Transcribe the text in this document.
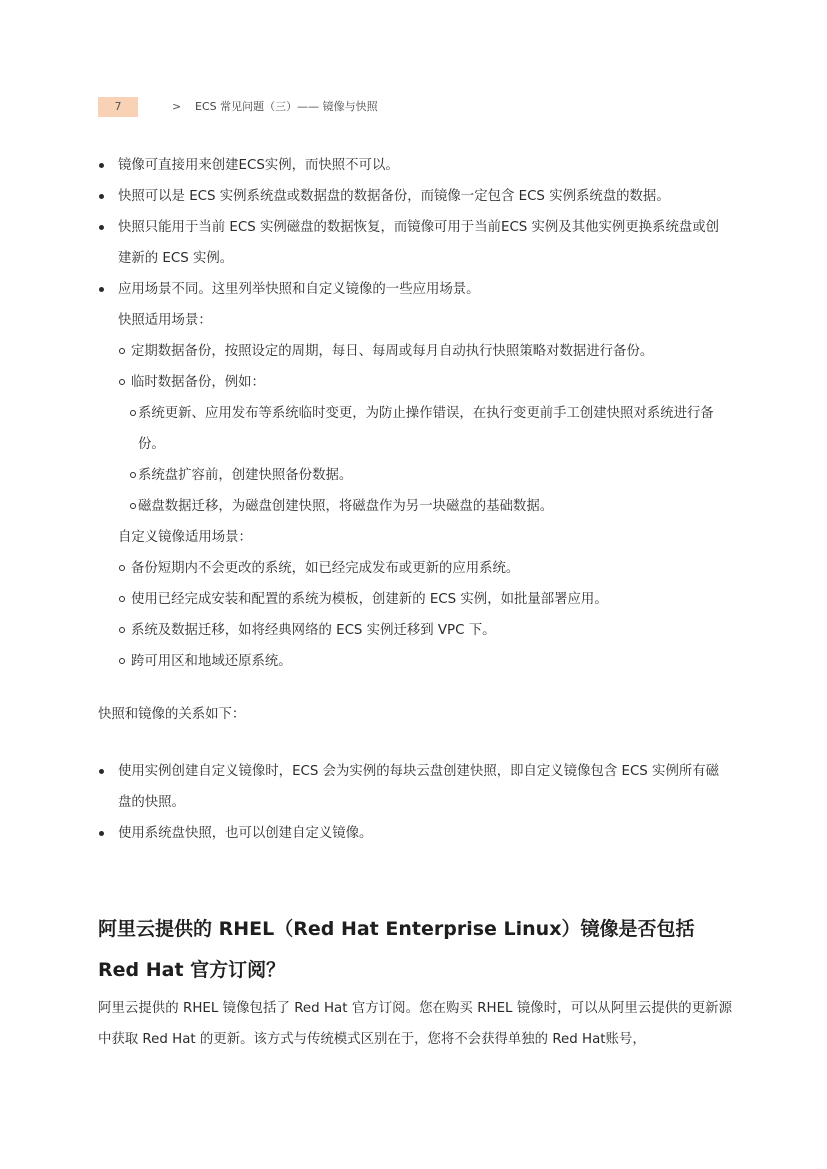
7	> ECS 常见问题（三）—— 镜像与快照
镜像可直接用来创建ECS实例，而快照不可以。
快照可以是 ECS 实例系统盘或数据盘的数据备份，而镜像一定包含 ECS 实例系统盘的数据。
快照只能用于当前 ECS 实例磁盘的数据恢复，而镜像可用于当前ECS 实例及其他实例更换系统盘或创建新的 ECS 实例。
应用场景不同。这里列举快照和自定义镜像的一些应用场景。
快照适用场景：
定期数据备份，按照设定的周期，每日、每周或每月自动执行快照策略对数据进行备份。
临时数据备份，例如：
系统更新、应用发布等系统临时变更，为防止操作错误，在执行变更前手工创建快照对系统进行备份。
系统盘扩容前，创建快照备份数据。
磁盘数据迁移，为磁盘创建快照，将磁盘作为另一块磁盘的基础数据。
自定义镜像适用场景：
备份短期内不会更改的系统，如已经完成发布或更新的应用系统。
使用已经完成安装和配置的系统为模板，创建新的 ECS 实例，如批量部署应用。
系统及数据迁移，如将经典网络的 ECS 实例迁移到 VPC 下。
跨可用区和地域还原系统。
快照和镜像的关系如下：
使用实例创建自定义镜像时，ECS 会为实例的每块云盘创建快照，即自定义镜像包含 ECS 实例所有磁盘的快照。
使用系统盘快照，也可以创建自定义镜像。
阿里云提供的 RHEL（Red Hat Enterprise Linux）镜像是否包括 Red Hat 官方订阅？
阿里云提供的 RHEL 镜像包括了 Red Hat 官方订阅。您在购买 RHEL 镜像时，可以从阿里云提供的更新源中获取 Red Hat 的更新。该方式与传统模式区别在于，您将不会获得单独的 Red Hat账号，
